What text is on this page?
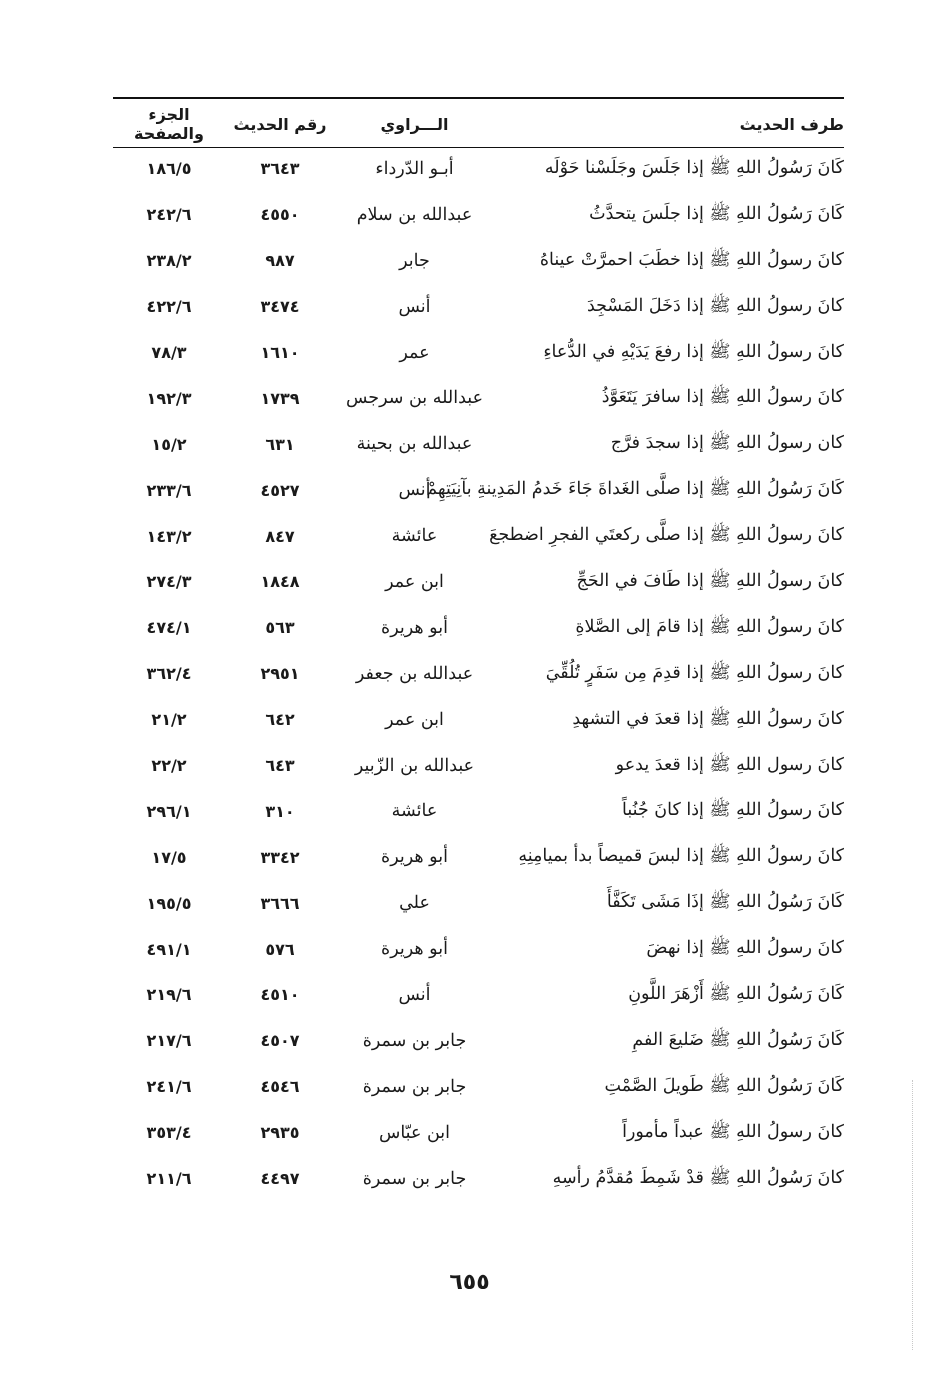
طرف الحديث	الـــراوي	رقم الحديث	الجزء والصفحة
كَانَ رَسُولُ اللهِ ﷺ إذا جَلَسَ وجَلَسْنا حَوْلَه	أبـو الدّرداء	٣٦٤٣	١٨٦/٥
كَانَ رَسُولُ اللهِ ﷺ إذا جلَسَ يتحدَّثُ	عبدالله بن سلام	٤٥٥٠	٢٤٢/٦
كانَ رسولُ اللهِ ﷺ إذا خطَبَ احمرَّتْ عيناهُ	جابر	٩٨٧	٢٣٨/٢
كانَ رسولُ اللهِ ﷺ إذا دَخَلَ المَسْجِدَ	أنس	٣٤٧٤	٤٢٢/٦
كانَ رسولُ اللهِ ﷺ إذا رفعَ يَدَيْهِ في الدُّعاءِ	عمر	١٦١٠	٧٨/٣
كانَ رسولُ اللهِ ﷺ إذا سافرَ يَتَعَوَّذُ	عبدالله بن سرجس	١٧٣٩	١٩٢/٣
كان رسولُ اللهِ ﷺ إذا سجدَ فرَّج	عبدالله بن بحينة	٦٣١	١٥/٢
كَانَ رَسُولُ اللهِ ﷺ إذا صلَّى الغَداةَ جَاءَ خَدمُ المَدِينةِ بآنِيَتِهِمْ	أنس	٤٥٢٧	٢٣٣/٦
كانَ رسولُ اللهِ ﷺ إذا صلَّى ركعتَي الفجرِ اضطجعَ	عائشة	٨٤٧	١٤٣/٢
كانَ رسولُ اللهِ ﷺ إذا طَافَ في الحَجِّ	ابن عمر	١٨٤٨	٢٧٤/٣
كانَ رسولُ اللهِ ﷺ إذا قامَ إلى الصَّلاةِ	أبو هريرة	٥٦٣	٤٧٤/١
كانَ رسولُ اللهِ ﷺ إذا قدِمَ مِن سَفَرٍ تُلُقِّيَ	عبدالله بن جعفر	٢٩٥١	٣٦٢/٤
كانَ رسولُ اللهِ ﷺ إذا قعدَ في التشهدِ	ابن عمر	٦٤٢	٢١/٢
كانَ رسول اللهِ ﷺ إذا قعدَ يدعو	عبدالله بن الزّبير	٦٤٣	٢٢/٢
كانَ رسولُ اللهِ ﷺ إذا كانَ جُنُباً	عائشة	٣١٠	٢٩٦/١
كانَ رسولُ اللهِ ﷺ إذا لبسَ قميصاً بدأ بميامِنِهِ	أبو هريرة	٣٣٤٢	١٧/٥
كَانَ رَسُولُ اللهِ ﷺ إذَا مَشَى تَكَفَّأَ	علي	٣٦٦٦	١٩٥/٥
كانَ رسولُ اللهِ ﷺ إذا نهضَ	أبو هريرة	٥٧٦	٤٩١/١
كَانَ رَسُولُ اللهِ ﷺ أَزْهَرَ اللَّونِ	أنس	٤٥١٠	٢١٩/٦
كَانَ رَسُولُ اللهِ ﷺ ضَليعَ الفمِ	جابر بن سمرة	٤٥٠٧	٢١٧/٦
كَانَ رَسُولُ اللهِ ﷺ طَويلَ الصَّمْتِ	جابر بن سمرة	٤٥٤٦	٢٤١/٦
كانَ رسولُ اللهِ ﷺ عبداً مأموراً	ابن عبّاس	٢٩٣٥	٣٥٣/٤
كانَ رَسُولُ اللهِ ﷺ قدْ شَمِطَ مُقدَّمُ رأسِهِ	جابر بن سمرة	٤٤٩٧	٢١١/٦
٦٥٥
